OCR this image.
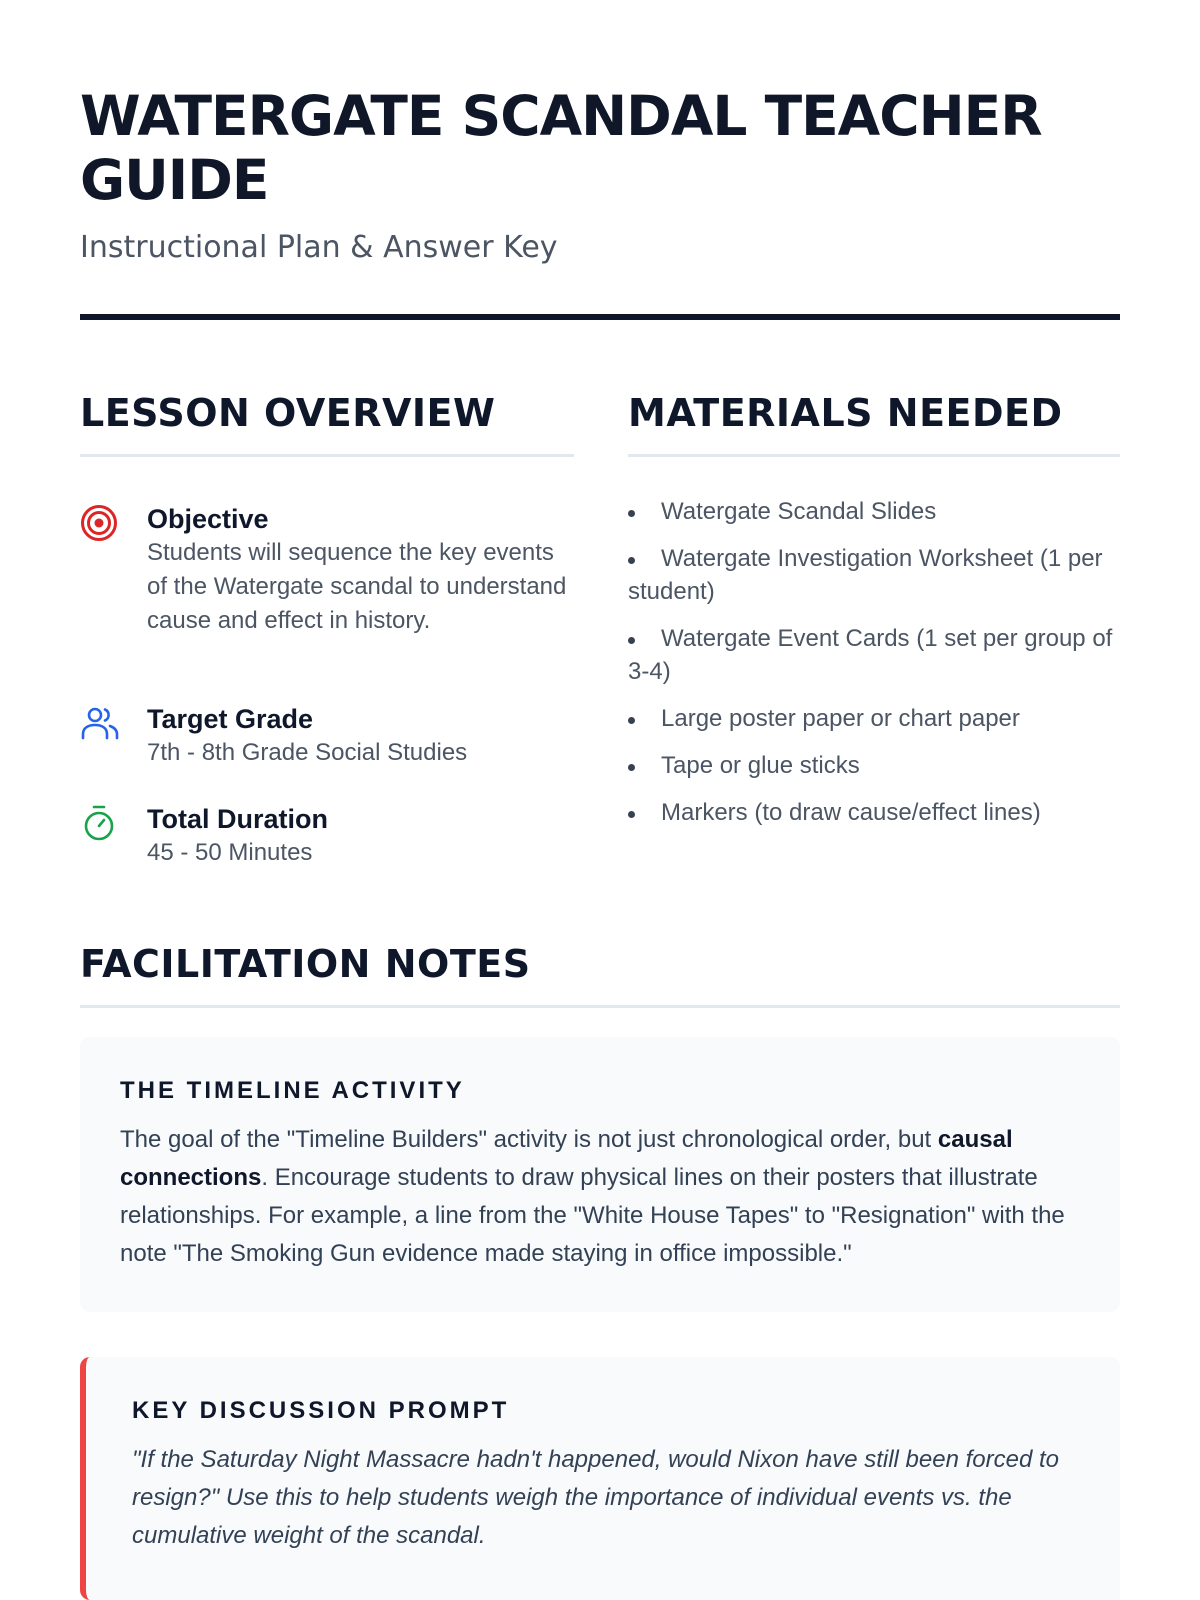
WATERGATE SCANDAL TEACHER GUIDE
Instructional Plan & Answer Key
LESSON OVERVIEW
Objective
Students will sequence the key events of the Watergate scandal to understand cause and effect in history.
Target Grade
7th - 8th Grade Social Studies
Total Duration
45 - 50 Minutes
MATERIALS NEEDED
Watergate Scandal Slides
Watergate Investigation Worksheet (1 per student)
Watergate Event Cards (1 set per group of 3-4)
Large poster paper or chart paper
Tape or glue sticks
Markers (to draw cause/effect lines)
FACILITATION NOTES
THE TIMELINE ACTIVITY

The goal of the "Timeline Builders" activity is not just chronological order, but causal connections. Encourage students to draw physical lines on their posters that illustrate relationships. For example, a line from the "White House Tapes" to "Resignation" with the note "The Smoking Gun evidence made staying in office impossible."

KEY DISCUSSION PROMPT

"If the Saturday Night Massacre hadn't happened, would Nixon have still been forced to resign?" Use this to help students weigh the importance of individual events vs. the cumulative weight of the scandal.
